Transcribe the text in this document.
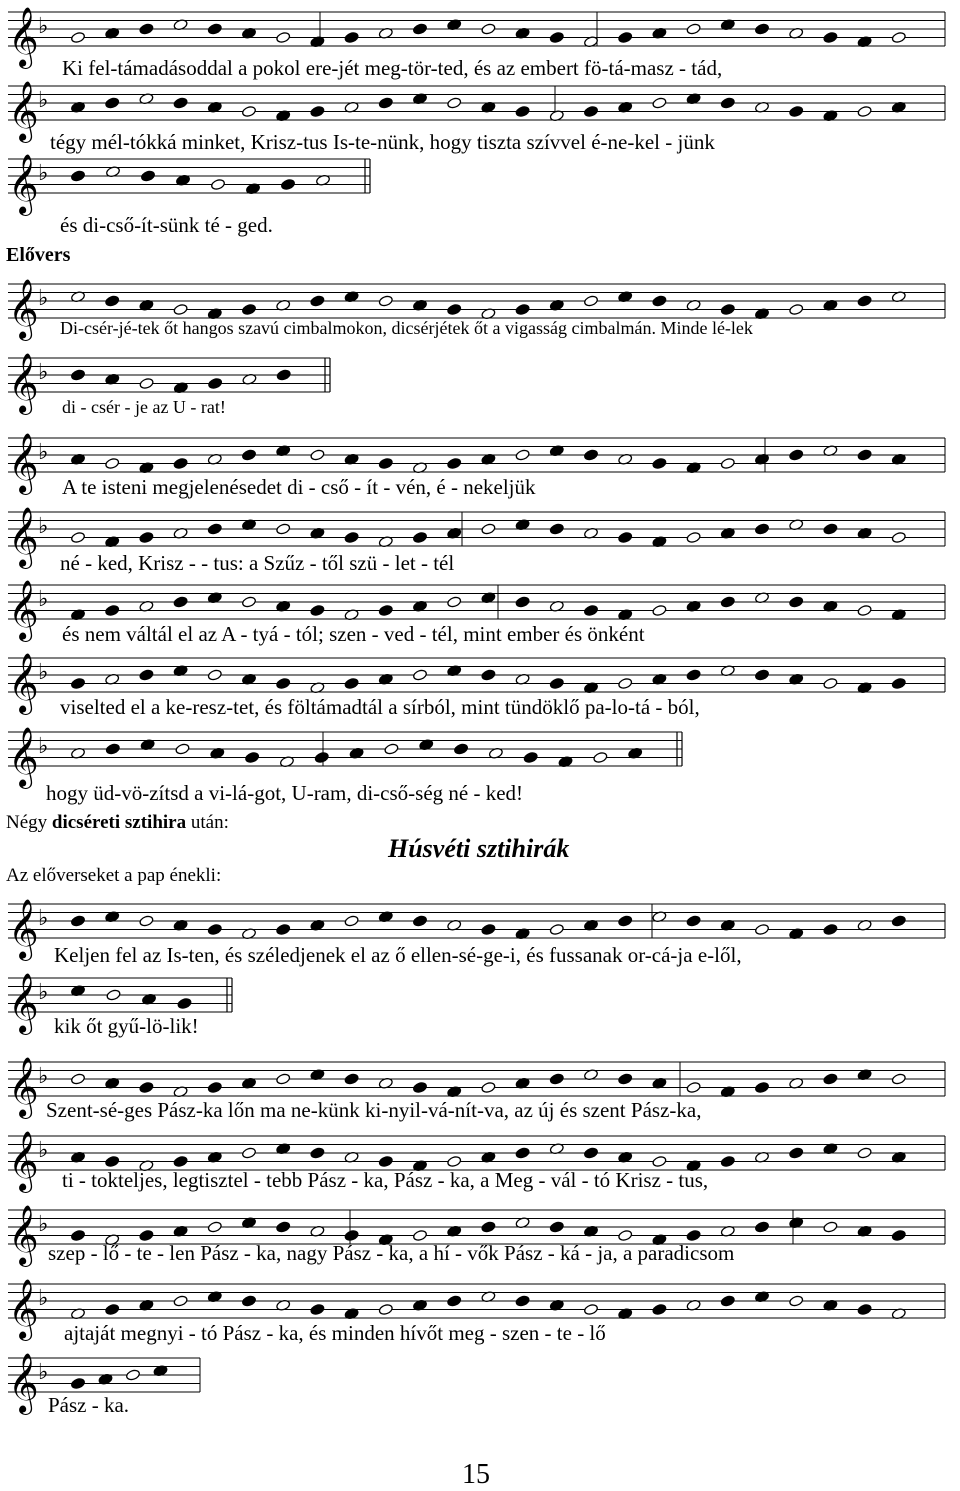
𝄞 ♭
𝄞 ♭
𝄞 ♭
𝄞 ♭
𝄞 ♭
𝄞 ♭
𝄞 ♭
𝄞 ♭
𝄞 ♭
𝄞 ♭
𝄞 ♭
𝄞 ♭
𝄞 ♭
𝄞 ♭
𝄞 ♭
𝄞 ♭
𝄞 ♭
Ki fel-támadásoddal a pokol ere-jét meg-tör-ted, és az embert fö-tá-masz - tád,
tégy mél-tókká minket, Krisz-tus Is-te-nünk, hogy tiszta szívvel é-ne-kel - jünk
és di-cső-ít-sünk té - ged.
Elővers
Di-csér-jé-tek őt hangos szavú cimbalmokon, dicsérjétek őt a vigasság cimbalmán. Minde lé-lek
di - csér - je az U - rat!
A te isteni megjelenésedet di - cső - ít - vén, é - nekeljük
né - ked, Krisz - - tus: a Szűz - től szü - let - tél
és nem váltál el az A - tyá - tól; szen - ved - tél, mint ember és önként
viselted el a ke-resz-tet, és föltámadtál a sírból, mint tündöklő pa-lo-tá - ból,
hogy üd-vö-zítsd a vi-lá-got, U-ram, di-cső-ség né - ked!
Négy dicséreti sztihira után:
Húsvéti sztihirák
Az előverseket a pap énekli:
Keljen fel az Is-ten, és széledjenek el az ő ellen-sé-ge-i, és fussanak or-cá-ja e-lől,
kik őt gyű-lö-lik!
Szent-sé-ges Pász-ka lőn ma ne-künk ki-nyil-vá-nít-va, az új és szent Pász-ka,
ti - tokteljes, legtisztel - tebb Pász - ka, Pász - ka, a Meg - vál - tó Krisz - tus,
szep - lő - te - len Pász - ka, nagy Pász - ka, a hí - vők Pász - ká - ja, a paradicsom
ajtaját megnyi - tó Pász - ka, és minden hívőt meg - szen - te - lő
Pász - ka.
15
